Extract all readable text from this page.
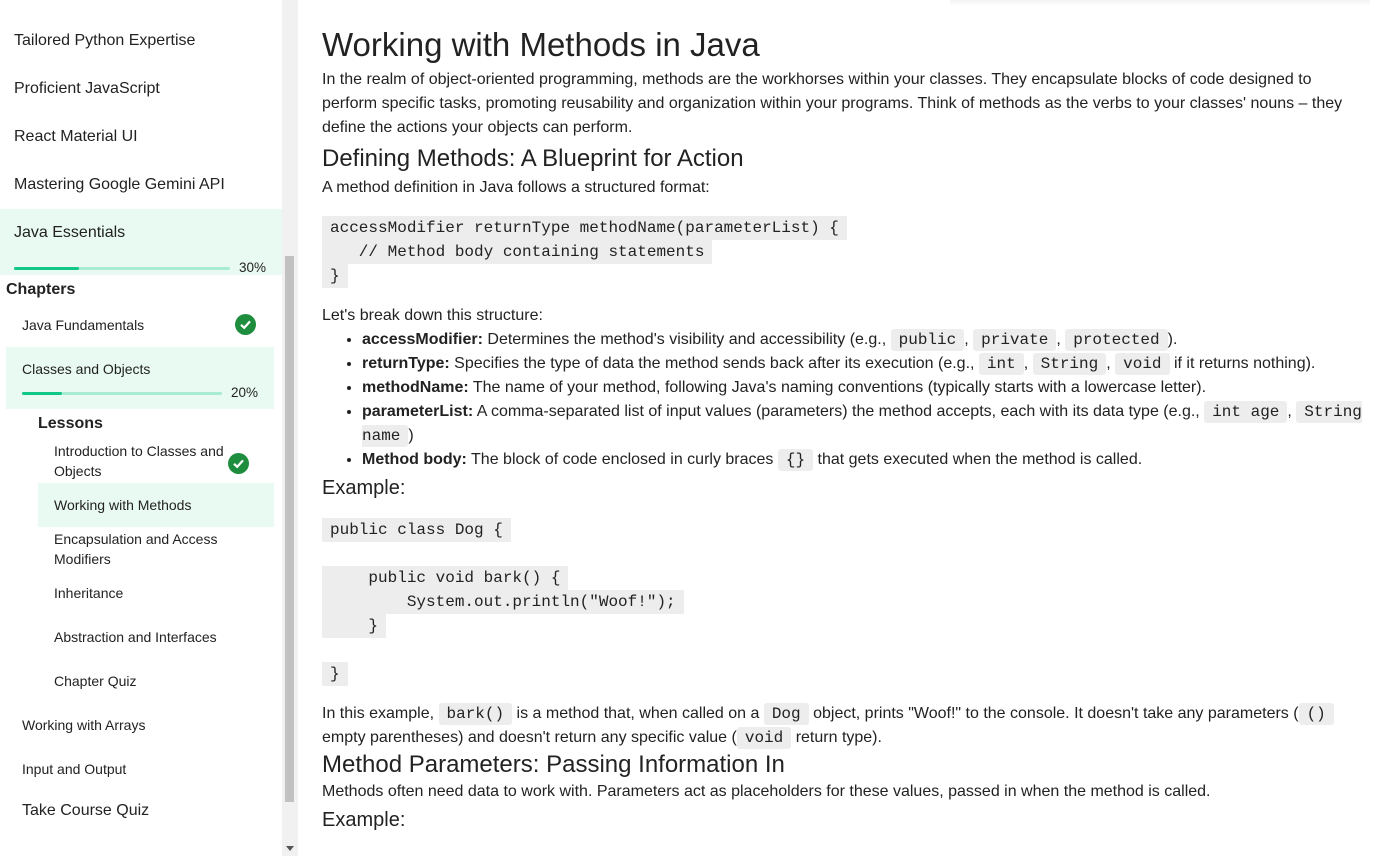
Tailored Python Expertise
Proficient JavaScript
React Material UI
Mastering Google Gemini API
Java Essentials
30%
Chapters
Java Fundamentals
Classes and Objects
20%
Lessons
Introduction to Classes and Objects
Working with Methods
Encapsulation and Access Modifiers
Inheritance
Abstraction and Interfaces
Chapter Quiz
Working with Arrays
Input and Output
Take Course Quiz
Working with Methods in Java

In the realm of object-oriented programming, methods are the workhorses within your classes. They encapsulate blocks of code designed to perform specific tasks, promoting reusability and organization within your programs. Think of methods as the verbs to your classes' nouns – they define the actions your objects can perform.

Defining Methods: A Blueprint for Action

A method definition in Java follows a structured format:

accessModifier returnType methodName(parameterList) {
// Method body containing statements
}

Let's break down this structure:

• accessModifier: Determines the method's visibility and accessibility (e.g., public , private , protected ).
• returnType: Specifies the type of data the method sends back after its execution (e.g., int , String , void if it returns nothing).
• methodName: The name of your method, following Java's naming conventions (typically starts with a lowercase letter).
• parameterList: A comma-separated list of input values (parameters) the method accepts, each with its data type (e.g., int age , String name )
• Method body: The block of code enclosed in curly braces {} that gets executed when the method is called.
Example:
public class Dog {

public void bark() {
System.out.println("Woof!");
}

}

In this example, bark() is a method that, when called on a Dog object, prints "Woof!" to the console. It doesn't take any parameters ( () empty parentheses) and doesn't return any specific value ( void return type).

Method Parameters: Passing Information In

Methods often need data to work with. Parameters act as placeholders for these values, passed in when the method is called.

Example:
